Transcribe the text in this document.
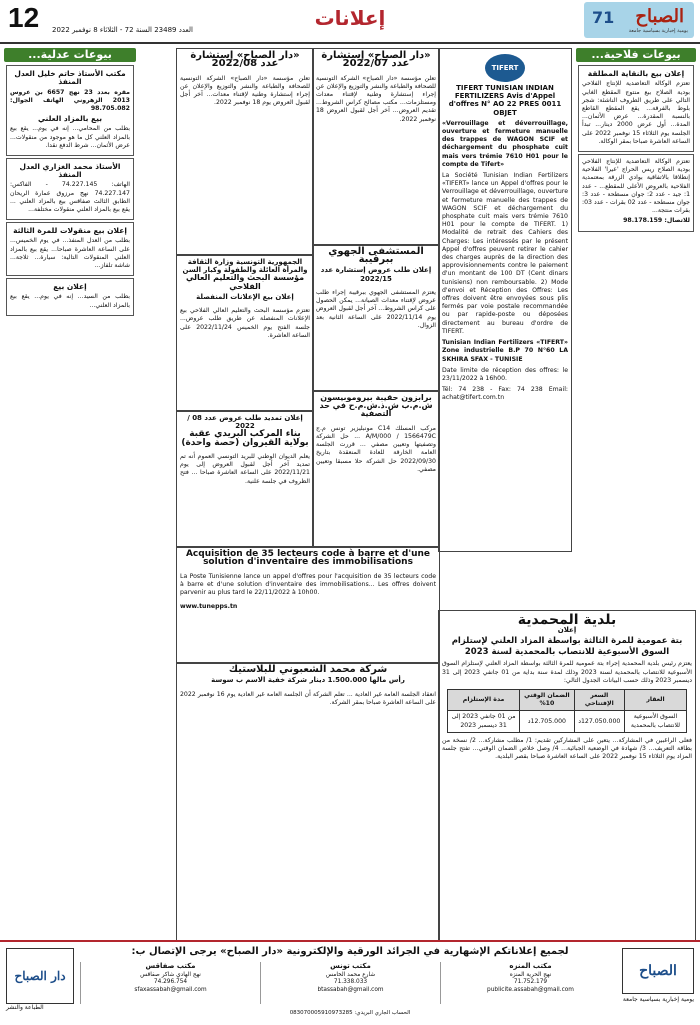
12 العدد 23489 السنة 72 - الثلاثاء 8 نوفمبر 2022	إعلانات	الصباح
71
يومية إخبارية بسياسية جامعة
بيوعات فلاحية...
إعلان بيع بالنقاية المطلقة

تعتزم الوكالة التعاضدية للإنتاج الفلاحي بودية الصلاح بيع منتوج المقطع الغابي التالي على طريق الطروف الناشئة: شجر بلوط بالفرقة... يقع المقطع القاطع بالنسبة المقدرة... عرض الأثمان... المدة... أول عرض 2000 دينار... تبدأ الجلسة يوم الثلاثاء 15 نوفمبر 2022 على الساعة العاشرة صباحا بمقر الوكالة.

تعتزم الوكالة التعاضدية للإنتاج الفلاحي بودية الصلاح ريس الحراج 'عيرا' الفلاحية إنطلاقا بالاتفاقية بوادي الزرقة بمعتمدية الفلاحية بالعروض الأعلى للمقطع... - عدد 1: جيد - عدد 2: جوان مسطحة - عدد 3: جوان مسطحة - عدد 02 بقرات - عدد 03: بقرات منتجة...

للاتصال: 98.178.159

TIFERT
TIFERT TUNISIAN INDIAN FERTILIZERS Avis d'Appel d'offres N° AO 22 PRES 0011 OBJET

«Verrouillage et déverrouillage, ouverture et fermeture manuelle des trappes de WAGON SCIF et déchargement du phosphate cuit mais vers trémie 7610 H01 pour le compte de Tifert»

La Société Tunisian Indian Fertilizers «TIFERT» lance un Appel d'offres pour le Verrouillage et déverrouillage, ouverture et fermeture manuelle des trappes de WAGON SCIF et déchargement du phosphate cuit mais vers trémie 7610 H01 pour le compte de TIFERT. 1) Modalité de retrait des Cahiers des Charges: Les intéressés par le présent Appel d'offres peuvent retirer le cahier des charges auprès de la direction des approvisionnements contre le paiement d'un montant de 100 DT (Cent dinars tunisiens) non remboursable. 2) Mode d'envoi et Réception des Offres: Les offres doivent être envoyées sous plis fermés par voie postale recommandée ou par rapide-poste ou déposées directement au bureau d'ordre de TIFERT.

Tunisian Indian Fertilizers «TIFERT» Zone industrielle B.P 70 N°60 LA SKHIRA SFAX - TUNISIE

Date limite de réception des offres: le 23/11/2022 à 16h00.

Tél: 74 238 - Fax: 74 238 Email: achat@tifert.com.tn

«دار الصباح» إستشارة عدد 2022/07

تعلن مؤسسة «دار الصباح» الشركة التونسية للصحافة والطباعة والنشر والتوزيع والإعلان عن إجراء إستشارة وطنية لإقتناء معدات ومستلزمات... مكتب مصالح كراس الشروط... تقديم العروض... آخر أجل لقبول العروض 18 نوفمبر 2022.

المستشفى الجهوي ببرقيبة
إعلان طلب عروض إستشارة عدد 2022/15

يعتزم المستشفى الجهوي ببرقيبة إجراء طلب عروض لإقتناء معدات الصيانة... يمكن الحصول على كراس الشروط... آخر أجل لقبول العروض يوم 2022/11/14 على الساعة الثانية بعد الزوال.

«دار الصباح» إستشارة عدد 2022/08

تعلن مؤسسة «دار الصباح» الشركة التونسية للصحافة والطباعة والنشر والتوزيع والإعلان عن إجراء إستشارة وطنية لإقتناء معدات... آخر أجل لقبول العروض يوم 18 نوفمبر 2022.

الجمهورية التونسية وزارة الثقافة والمرأة العائلة والطفولة وكبار السن
مؤسسة البحث والتعليم العالي الفلاحي
إعلان بيع الإعلانات المنفصلة

تعتزم مؤسسة البحث والتعليم العالي الفلاحي بيع الإعلانات المنفصلة عن طريق طلب عروض... جلسة الفتح يوم الخميس 2022/11/24 على الساعة العاشرة.

برابزون حقيبة بيروموبيسون ش.م.ب ش.ذ.ش.م.ح في حد التصفية

مركب المسلك C14 مونبليزير تونس م.ج A/M/000 / 1566479C ... حل الشركة وتصفيتها وتعيين مصفي ... قررت الجلسة العامة الخارقة للعادة المنعقدة بتاريخ 2022/09/30 حل الشركة حلا مسبقا وتعيين مصفي.

إعلان تمديد طلب عروض عدد 08 / 2022
بناء المركب البريدي عقبة بولاية القيروان (حصة واحدة)

يعلم الديوان الوطني للبريد التونسي العموم أنه تم تمديد آخر أجل لقبول العروض إلى يوم 2022/11/21 على الساعة العاشرة صباحا ... فتح الظروف في جلسة علنية.

Acquisition de 35 lecteurs code à barre et d'une solution d'inventaire des immobilisations

La Poste Tunisienne lance un appel d'offres pour l'acquisition de 35 lecteurs code à barre et d'une solution d'inventaire des immobilisations... Les offres doivent parvenir au plus tard le 22/11/2022 à 10h00.

www.tunepps.tn

بلدية المحمدية
إعلان
بتة عمومية للمرة الثالثة بواسطة المزاد العلني لإستلزام السوق الأسبوعية للانتصاب بالمحمدية لسنة 2023

يعتزم رئيس بلدية المحمدية إجراء بتة عمومية للمرة الثالثة بواسطة المزاد العلني لإستلزام السوق الأسبوعية للانتصاب بالمحمدية لسنة 2023 وذلك لمدة سنة بداية من 01 جانفي 2023 إلى 31 ديسمبر 2023 وذلك حسب البيانات الجدول التالي:

العقار	السعر الإفتتاحي	الضمان الوقتي 10%	مدة الإستلزام
السوق الأسبوعية للانتصاب بالمحمدية	127.050.000د	12.705.000د	من 01 جانفي 2023 إلى 31 ديسمبر 2023

فعلى الراغبين في المشاركة... يتعين على المشاركين تقديم: 1/ مطلب مشاركة... 2/ نسخة من بطاقة التعريف... 3/ شهادة في الوضعية الجبائية... 4/ وصل خلاص الضمان الوقتي... تفتح جلسة المزاد يوم الثلاثاء 15 نوفمبر 2022 على الساعة العاشرة صباحا بقصر البلدية.

شركة محمد الشعبوني للبلاستيك
رأس مالها 1.500.000 دينار شركة خفية الاسم ب سوسة

انعقاد الجلسة العامة غير العادية ... تعلم الشركة أن الجلسة العامة غير العادية يوم 16 نوفمبر 2022 على الساعة العاشرة صباحا بمقر الشركة.

بيوعات عدلية...
مكتب الأستاذ حاتم خليل العدل المنفذ

مقره بعدد 23 نهج 6657 بن عروس 2013 الزهروني الهاتف الجوال: 98.705.082

بيع بالمزاد العلني

بطلب من المحامي... إنه في يوم... يقع بيع بالمزاد العلني كل ما هو موجود من منقولات... عرض الأثمان... شرط الدفع نقدا.

الأستاذ محمد الغزاري العدل المنفذ

الهاتف: 74.227.145 - الفاكس: 74.227.147 نهج مرزوق عمارة الريحان الطابق الثالث صفاقس بيع بالمزاد العلني ... يقع بيع بالمزاد العلني منقولات مختلفة...

إعلان بيع منقولات للمرة الثالثة

بطلب من العدل المنفذ... في يوم الخميس... على الساعة العاشرة صباحا... يقع بيع بالمزاد العلني المنقولات التالية: سيارة... ثلاجة... شاشة تلفاز...

إعلان بيع

بطلب من السيد... إنه في يوم... يقع بيع بالمزاد العلني...

الصباح
يومية إخبارية بسياسية جامعة
لجميع إعلاناتكم الإشهارية في الجرائد الورقية والإلكترونية «دار الصباح» يرجى الإتصال ب:
مكتب المنزه
نهج الحرية المنزه
71.752.179
publicite.assabah@gmail.com
مكتب تونس
شارع محمد الخامس
71.338.033
btassabah@gmail.com
مكتب صفاقس
نهج الهادي شاكر صفاقس
74.296.754
sfaxassabah@gmail.com
الحساب الجاري البريدي: 083070005910973285
دار الصباح
الطباعة والنشر
